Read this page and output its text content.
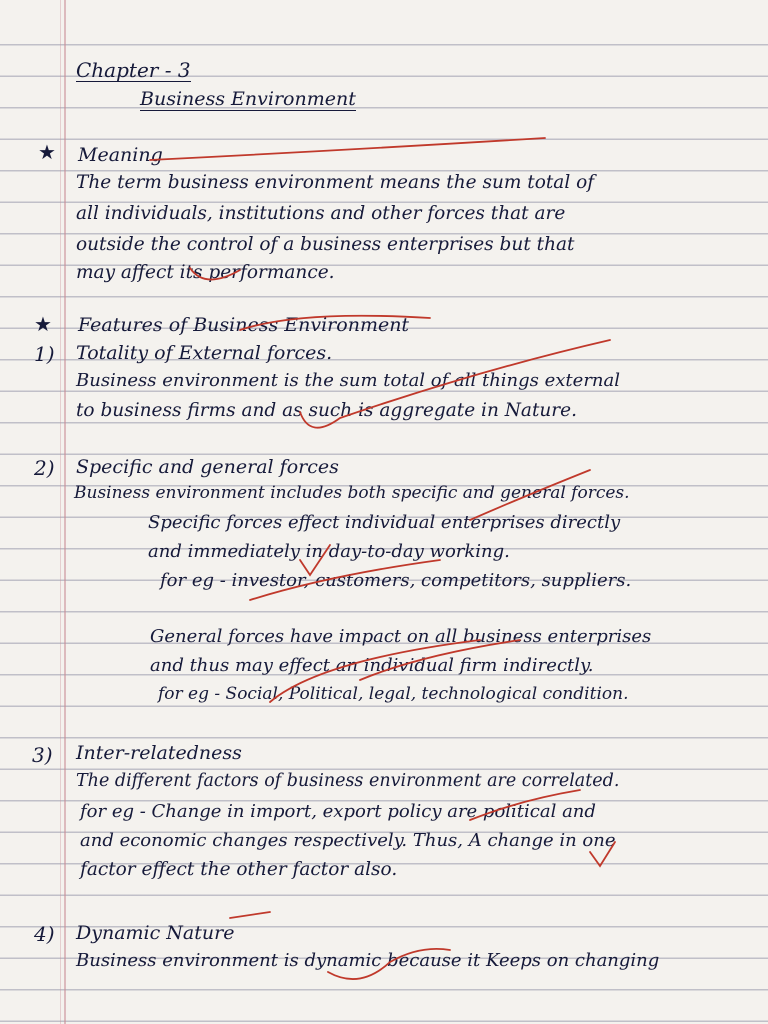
Chapter - 3
Business Environment
★ Meaning
The term business environment means the sum total of
all individuals, institutions and other forces that are
outside the control of a business enterprises but that
may affect its performance.
★ Features of Business Environment
1) Totality of External forces.
Business environment is the sum total of all things external
to business firms and as such is aggregate in Nature.
2) Specific and general forces
Business environment includes both specific and general forces.
Specific forces effect individual enterprises directly
and immediately in day-to-day working.
for eg - investor, customers, competitors, suppliers.
General forces have impact on all business enterprises
and thus may effect an individual firm indirectly.
for eg - Social, Political, legal, technological condition.
3) Inter-relatedness
The different factors of business environment are correlated.
for eg - Change in import, export policy are political and
and economic changes respectively. Thus, A change in one
factor effect the other factor also.
4) Dynamic Nature
Business environment is dynamic because it Keeps on changing
